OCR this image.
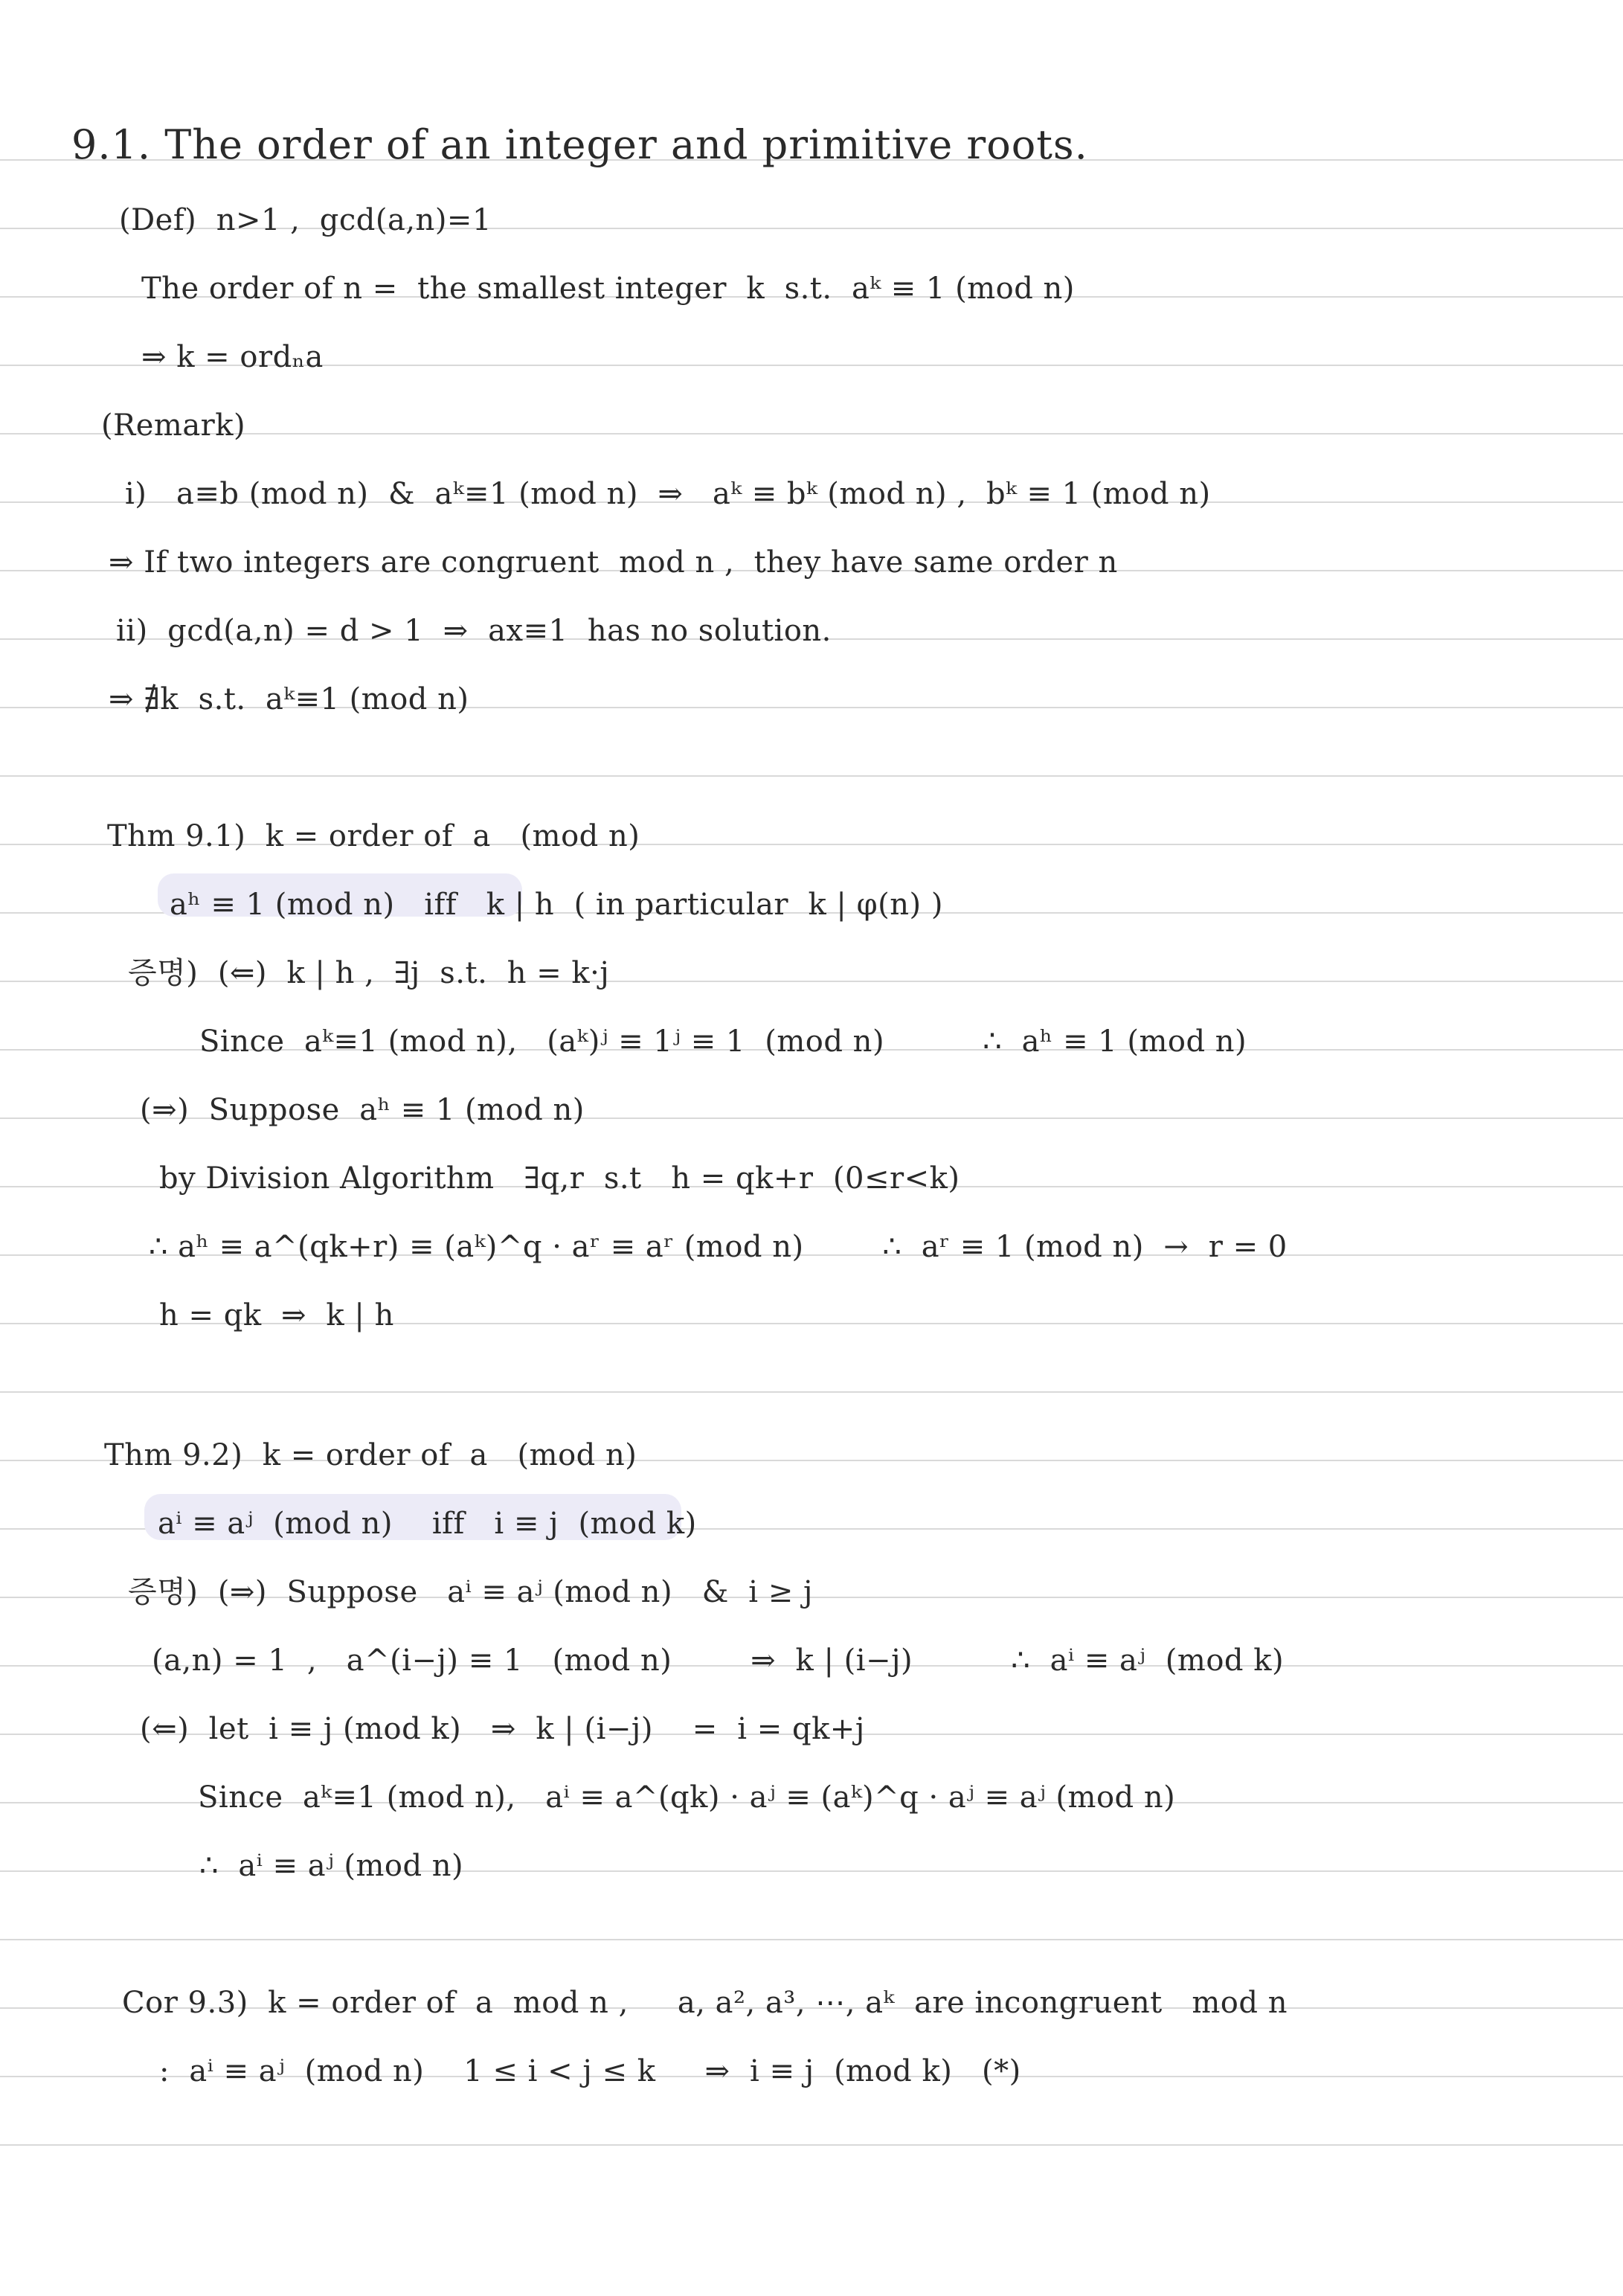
9.1. The order of an integer and primitive roots.
(Def)  n>1 ,  gcd(a,n)=1
The order of n =  the smallest integer  k  s.t.  aᵏ ≡ 1 (mod n)
⇒ k = ordₙa
(Remark)
i)   a≡b (mod n)  &  aᵏ≡1 (mod n)  ⇒   aᵏ ≡ bᵏ (mod n) ,  bᵏ ≡ 1 (mod n)
⇒ If two integers are congruent  mod n ,  they have same order n
ii)  gcd(a,n) = d > 1  ⇒  ax≡1  has no solution.
⇒ ∄k  s.t.  aᵏ≡1 (mod n)
Thm 9.1)  k = order of  a   (mod n)
aʰ ≡ 1 (mod n)   iff   k | h  ( in particular  k | φ(n) )
증명)  (⇐)  k | h ,  ∃j  s.t.  h = k·j
Since  aᵏ≡1 (mod n),   (aᵏ)ʲ ≡ 1ʲ ≡ 1  (mod n)          ∴  aʰ ≡ 1 (mod n)
(⇒)  Suppose  aʰ ≡ 1 (mod n)
by Division Algorithm   ∃q,r  s.t   h = qk+r  (0≤r<k)
∴ aʰ ≡ a^(qk+r) ≡ (aᵏ)^q · aʳ ≡ aʳ (mod n)        ∴  aʳ ≡ 1 (mod n)  →  r = 0
h = qk  ⇒  k | h
Thm 9.2)  k = order of  a   (mod n)
aⁱ ≡ aʲ  (mod n)    iff   i ≡ j  (mod k)
증명)  (⇒)  Suppose   aⁱ ≡ aʲ (mod n)   &  i ≥ j
(a,n) = 1  ,   a^(i−j) ≡ 1   (mod n)        ⇒  k | (i−j)          ∴  aⁱ ≡ aʲ  (mod k)
(⇐)  let  i ≡ j (mod k)   ⇒  k | (i−j)    =  i = qk+j
Since  aᵏ≡1 (mod n),   aⁱ ≡ a^(qk) · aʲ ≡ (aᵏ)^q · aʲ ≡ aʲ (mod n)
∴  aⁱ ≡ aʲ (mod n)
Cor 9.3)  k = order of  a  mod n ,     a, a², a³, ⋯, aᵏ  are incongruent   mod n
:  aⁱ ≡ aʲ  (mod n)    1 ≤ i < j ≤ k     ⇒  i ≡ j  (mod k)   (*)
